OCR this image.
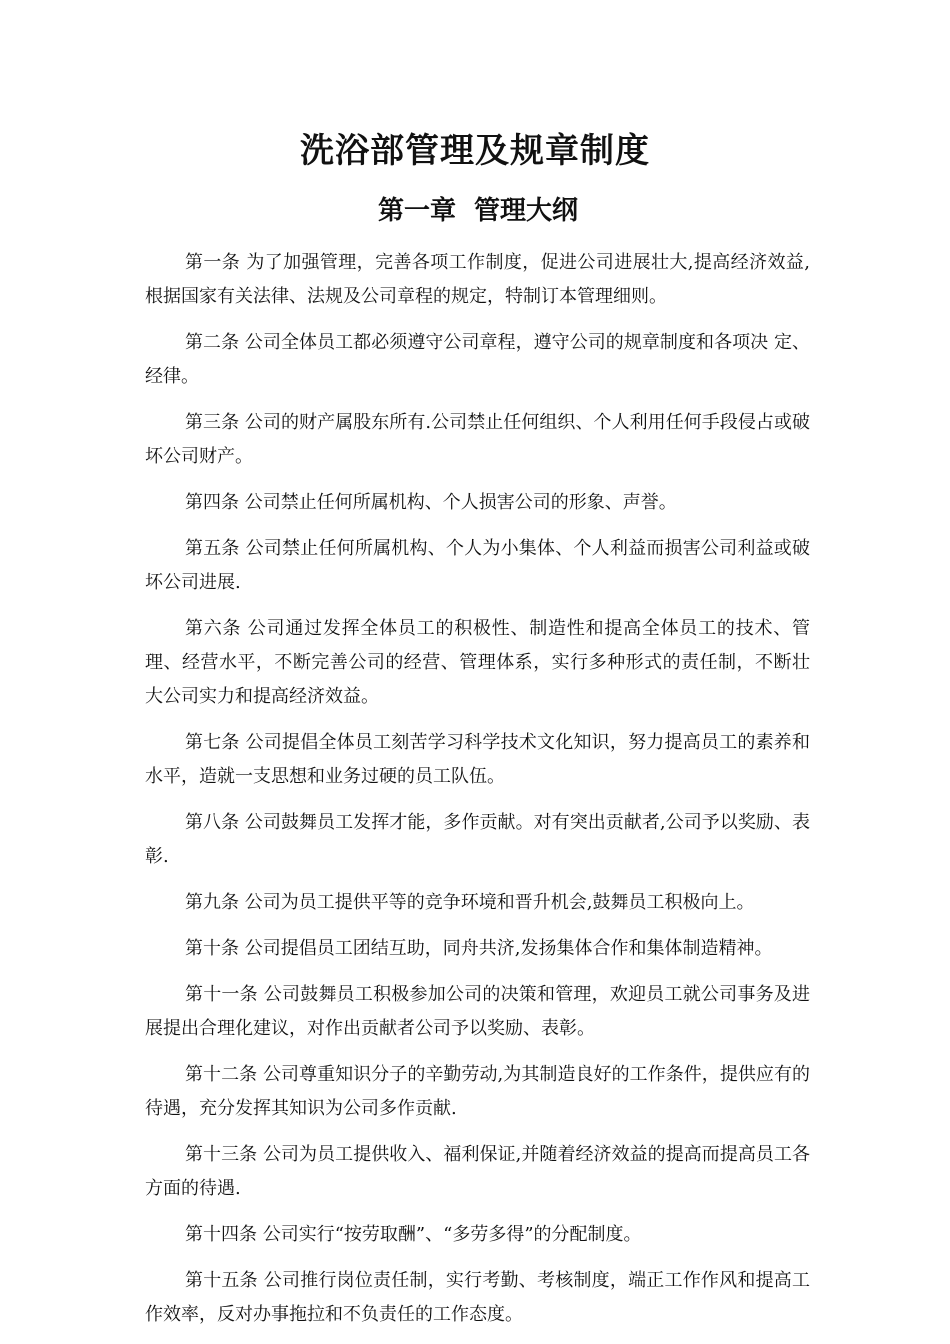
洗浴部管理及规章制度
第一章  管理大纲

第一条 为了加强管理，完善各项工作制度，促进公司进展壮大,提高经济效益,根据国家有关法律、法规及公司章程的规定，特制订本管理细则。

第二条 公司全体员工都必须遵守公司章程，遵守公司的规章制度和各项决 定、经律。

第三条 公司的财产属股东所有.公司禁止任何组织、个人利用任何手段侵占或破坏公司财产。

第四条 公司禁止任何所属机构、个人损害公司的形象、声誉。

第五条 公司禁止任何所属机构、个人为小集体、个人利益而损害公司利益或破坏公司进展.

第六条 公司通过发挥全体员工的积极性、制造性和提高全体员工的技术、管理、经营水平，不断完善公司的经营、管理体系，实行多种形式的责任制，不断壮大公司实力和提高经济效益。

第七条 公司提倡全体员工刻苦学习科学技术文化知识，努力提高员工的素养和水平，造就一支思想和业务过硬的员工队伍。

第八条 公司鼓舞员工发挥才能，多作贡献。对有突出贡献者,公司予以奖励、表彰.

第九条 公司为员工提供平等的竞争环境和晋升机会,鼓舞员工积极向上。

第十条 公司提倡员工团结互助，同舟共济,发扬集体合作和集体制造精神。

第十一条 公司鼓舞员工积极参加公司的决策和管理，欢迎员工就公司事务及进展提出合理化建议，对作出贡献者公司予以奖励、表彰。

第十二条 公司尊重知识分子的辛勤劳动,为其制造良好的工作条件，提供应有的待遇，充分发挥其知识为公司多作贡献.

第十三条 公司为员工提供收入、福利保证,并随着经济效益的提高而提高员工各方面的待遇.

第十四条 公司实行“按劳取酬”、“多劳多得”的分配制度。

第十五条 公司推行岗位责任制，实行考勤、考核制度，端正工作作风和提高工作效率，反对办事拖拉和不负责任的工作态度。
